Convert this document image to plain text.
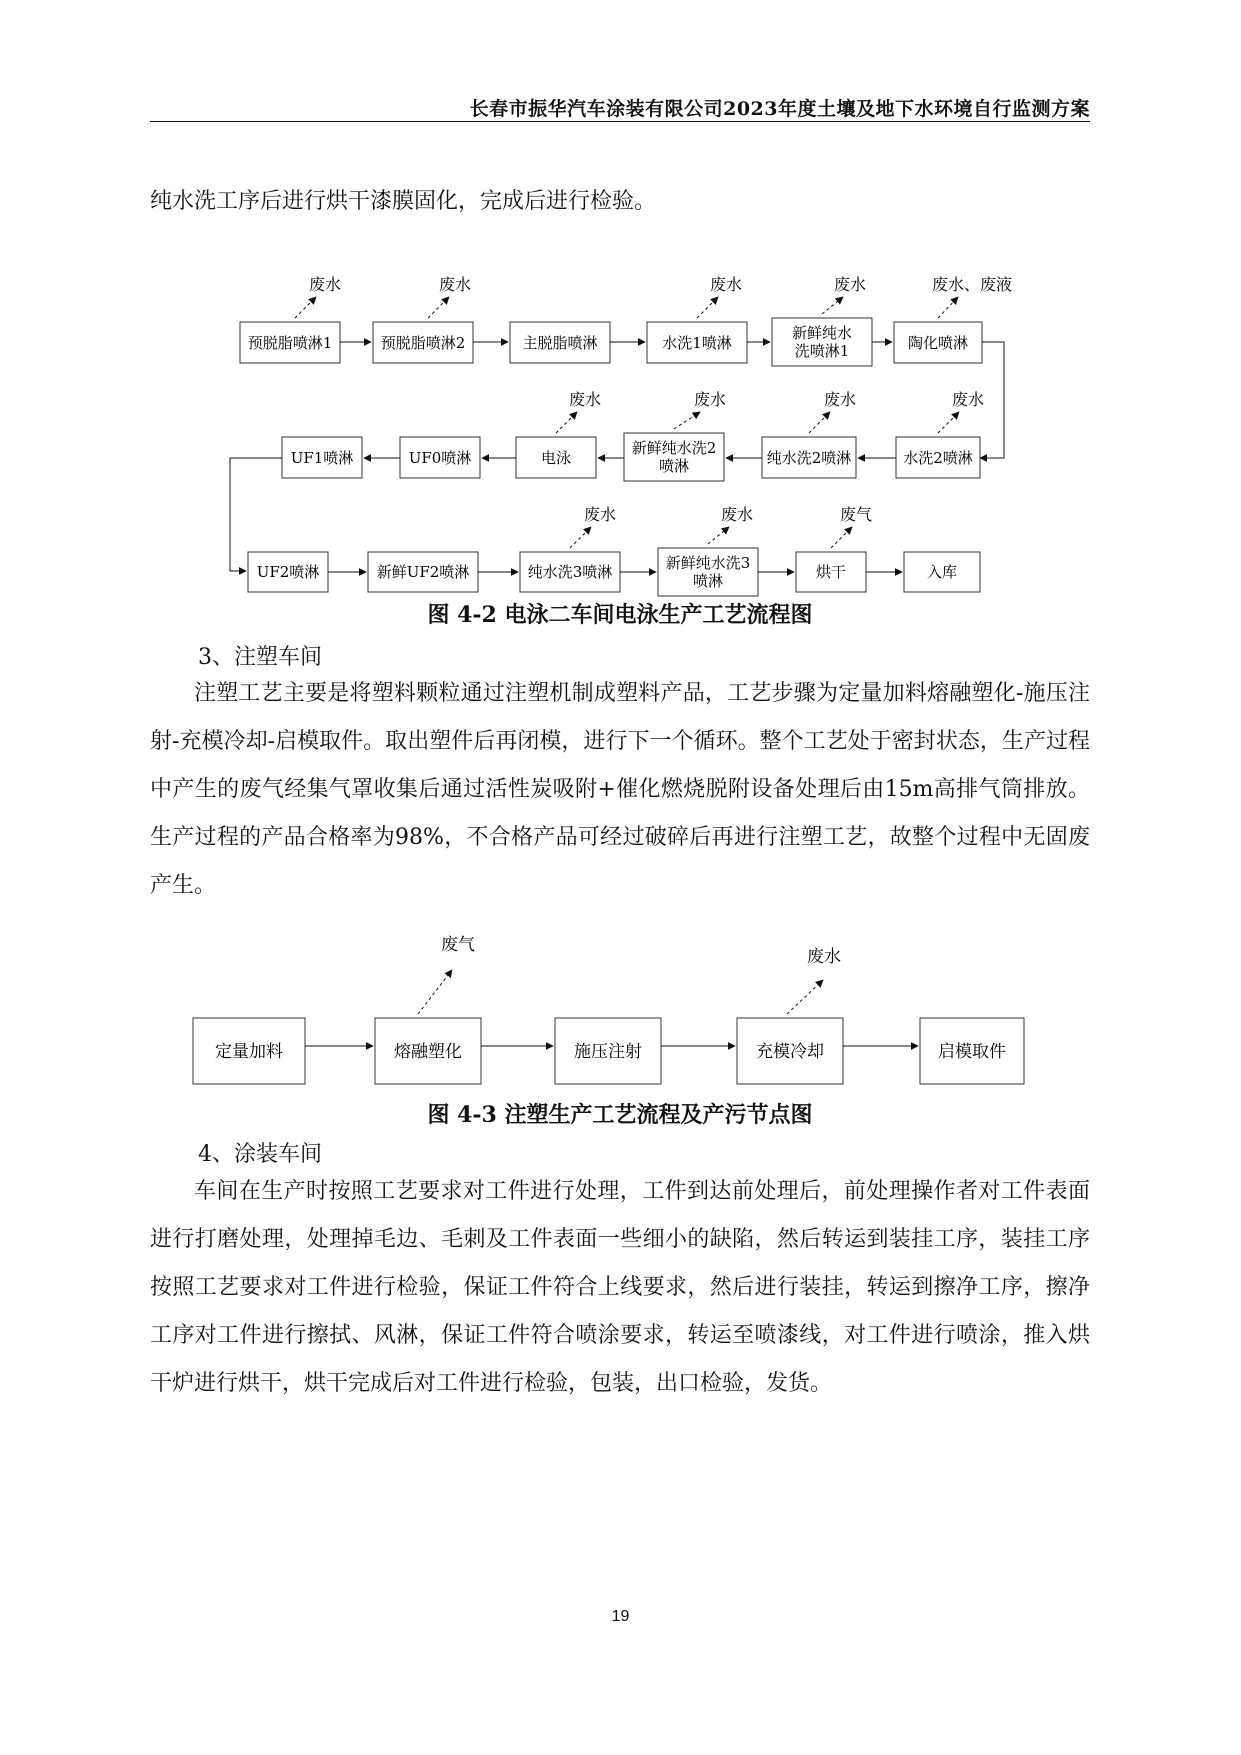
长春市振华汽车涂装有限公司2023年度土壤及地下水环境自行监测方案
纯水洗工序后进行烘干漆膜固化，完成后进行检验。
预脱脂喷淋1	预脱脂喷淋2	主脱脂喷淋	水洗1喷淋
新鲜纯水洗喷淋1	陶化喷淋
UF1喷淋	UF0喷淋	电泳
新鲜纯水洗2 喷淋	纯水洗2喷淋	水洗2喷淋
UF2喷淋	新鲜UF2喷淋	纯水洗3喷淋	新鲜纯水洗3 喷淋	烘干	入库
废水	废水	废水	废水	废水、废液
废水	废水	废水	废水
废水	废水	废气
图 4-2 电泳二车间电泳生产工艺流程图
3、注塑车间
注塑工艺主要是将塑料颗粒通过注塑机制成塑料产品，工艺步骤为定量加料熔融塑化-施压注射-充模冷却-启模取件。取出塑件后再闭模，进行下一个循环。整个工艺处于密封状态，生产过程中产生的废气经集气罩收集后通过活性炭吸附+催化燃烧脱附设备处理后由15m高排气筒排放。生产过程的产品合格率为98%，不合格产品可经过破碎后再进行注塑工艺，故整个过程中无固废产生。
定量加料	熔融塑化	施压注射	充模冷却	启模取件
废气
废水
图 4-3 注塑生产工艺流程及产污节点图
4、涂装车间
车间在生产时按照工艺要求对工件进行处理，工件到达前处理后，前处理操作者对工件表面进行打磨处理，处理掉毛边、毛刺及工件表面一些细小的缺陷，然后转运到装挂工序，装挂工序按照工艺要求对工件进行检验，保证工件符合上线要求，然后进行装挂，转运到擦净工序，擦净工序对工件进行擦拭、风淋，保证工件符合喷涂要求，转运至喷漆线，对工件进行喷涂，推入烘干炉进行烘干，烘干完成后对工件进行检验，包装，出口检验，发货。
19
